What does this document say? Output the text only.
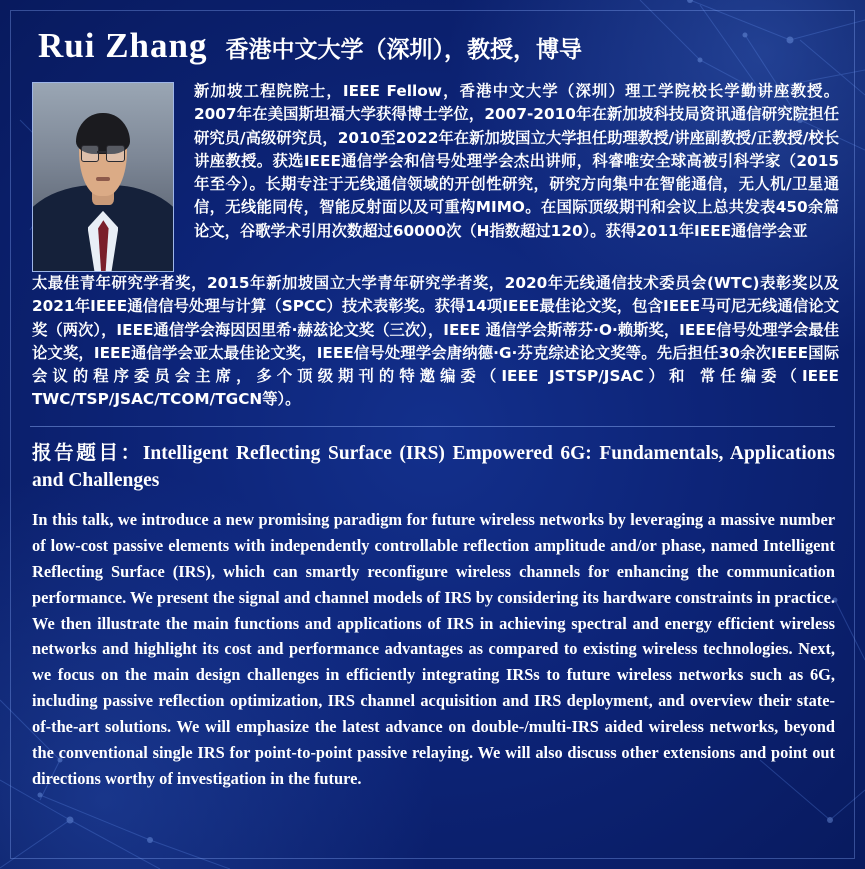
Rui Zhang 香港中文大学（深圳），教授，博导
新加坡工程院院士，IEEE Fellow，香港中文大学（深圳）理工学院校长学勤讲座教授。2007年在美国斯坦福大学获得博士学位，2007-2010年在新加坡科技局资讯通信研究院担任研究员/高级研究员，2010至2022年在新加坡国立大学担任助理教授/讲座副教授/正教授/校长讲座教授。获选IEEE通信学会和信号处理学会杰出讲师，科睿唯安全球高被引科学家（2015年至今）。长期专注于无线通信领域的开创性研究，研究方向集中在智能通信，无人机/卫星通信，无线能同传，智能反射面以及可重构MIMO。在国际顶级期刊和会议上总共发表450余篇论文，谷歌学术引用次数超过60000次（H指数超过120）。获得2011年IEEE通信学会亚
太最佳青年研究学者奖，2015年新加坡国立大学青年研究学者奖，2020年无线通信技术委员会(WTC)表彰奖以及2021年IEEE通信信号处理与计算（SPCC）技术表彰奖。获得14项IEEE最佳论文奖，包含IEEE马可尼无线通信论文奖（两次），IEEE通信学会海因因里希·赫兹论文奖（三次），IEEE 通信学会斯蒂芬·O·赖斯奖，IEEE信号处理学会最佳论文奖，IEEE通信学会亚太最佳论文奖，IEEE信号处理学会唐纳德·G·芬克综述论文奖等。先后担任30余次IEEE国际会议的程序委员会主席，多个顶级期刊的特邀编委（IEEE JSTSP/JSAC）和 常任编委（IEEE TWC/TSP/JSAC/TCOM/TGCN等）。
报告题目：Intelligent Reflecting Surface (IRS) Empowered 6G: Fundamentals, Applications and Challenges
In this talk, we introduce a new promising paradigm for future wireless networks by leveraging a massive number of low-cost passive elements with independently controllable reflection amplitude and/or phase, named Intelligent Reflecting Surface (IRS), which can smartly reconfigure wireless channels for enhancing the communication performance. We present the signal and channel models of IRS by considering its hardware constraints in practice. We then illustrate the main functions and applications of IRS in achieving spectral and energy efficient wireless networks and highlight its cost and performance advantages as compared to existing wireless technologies. Next, we focus on the main design challenges in efficiently integrating IRSs to future wireless networks such as 6G, including passive reflection optimization, IRS channel acquisition and IRS deployment, and overview their state-of-the-art solutions. We will emphasize the latest advance on double-/multi-IRS aided wireless networks, beyond the conventional single IRS for point-to-point passive relaying. We will also discuss other extensions and point out directions worthy of investigation in the future.
